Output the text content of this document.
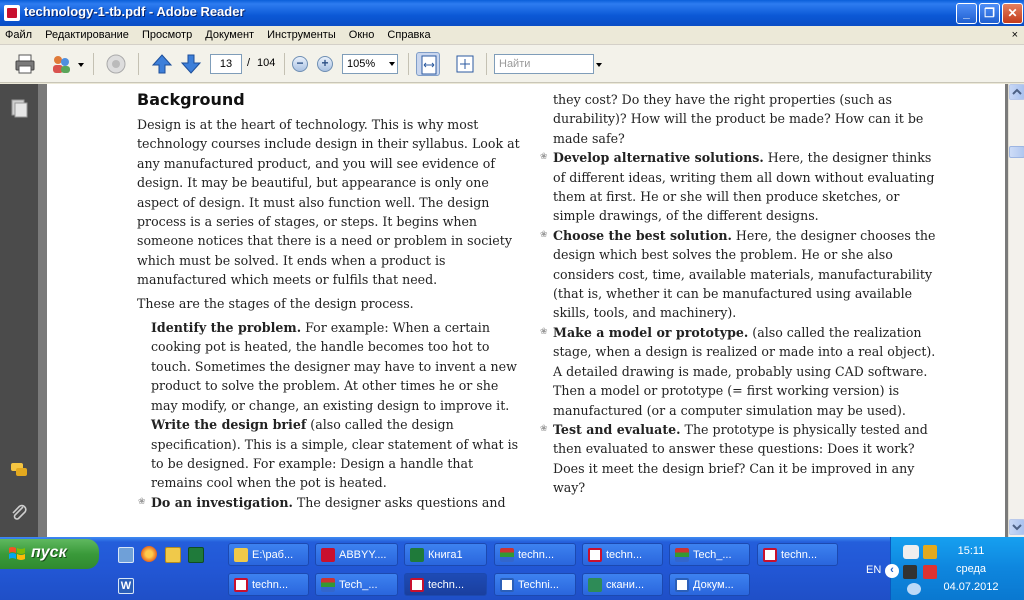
technology-1-tb.pdf - Adobe Reader	_	❐	✕
Файл Редактирование Просмотр Документ Инструменты Окно Справка	×
13	/ 104	−	+	105%	Найти
Background

Design is at the heart of technology. This is why most technology courses include design in their syllabus. Look at any manufactured product, and you will see evidence of design. It may be beautiful, but appearance is only one aspect of design. It must also function well. The design process is a series of stages, or steps. It begins when someone notices that there is a need or problem in society which must be solved. It ends when a product is manufactured which meets or fulfils that need.

These are the stages of the design process.

Identify the problem. For example: When a certain cooking pot is heated, the handle becomes too hot to touch. Sometimes the designer may have to invent a new product to solve the problem. At other times he or she may modify, or change, an existing design to improve it.

Write the design brief (also called the design specification). This is a simple, clear statement of what is to be designed. For example: Design a handle that remains cool when the pot is heated.

❀ Do an investigation. The designer asks questions and

they cost? Do they have the right properties (such as durability)? How will the product be made? How can it be made safe?

❀ Develop alternative solutions. Here, the designer thinks of different ideas, writing them all down without evaluating them at first. He or she will then produce sketches, or simple drawings, of the different designs.

❀ Choose the best solution. Here, the designer chooses the design which best solves the problem. He or she also considers cost, time, available materials, manufacturability (that is, whether it can be manufactured using available skills, tools, and machinery).

❀ Make a model or prototype. (also called the realization stage, when a design is realized or made into a real object). A detailed drawing is made, probably using CAD software. Then a model or prototype (= first working version) is manufactured (or a computer simulation may be used).

❀ Test and evaluate. The prototype is physically tested and then evaluated to answer these questions: Does it work? Does it meet the design brief? Can it be improved in any way?

пуск
W
E:\раб...	ABBYY....	Книга1	techn...	techn...	Tech_...	techn...
techn...	Tech_...	techn...	Techni...	скани...	Докум...
EN ‹
15:11
среда
04.07.2012
